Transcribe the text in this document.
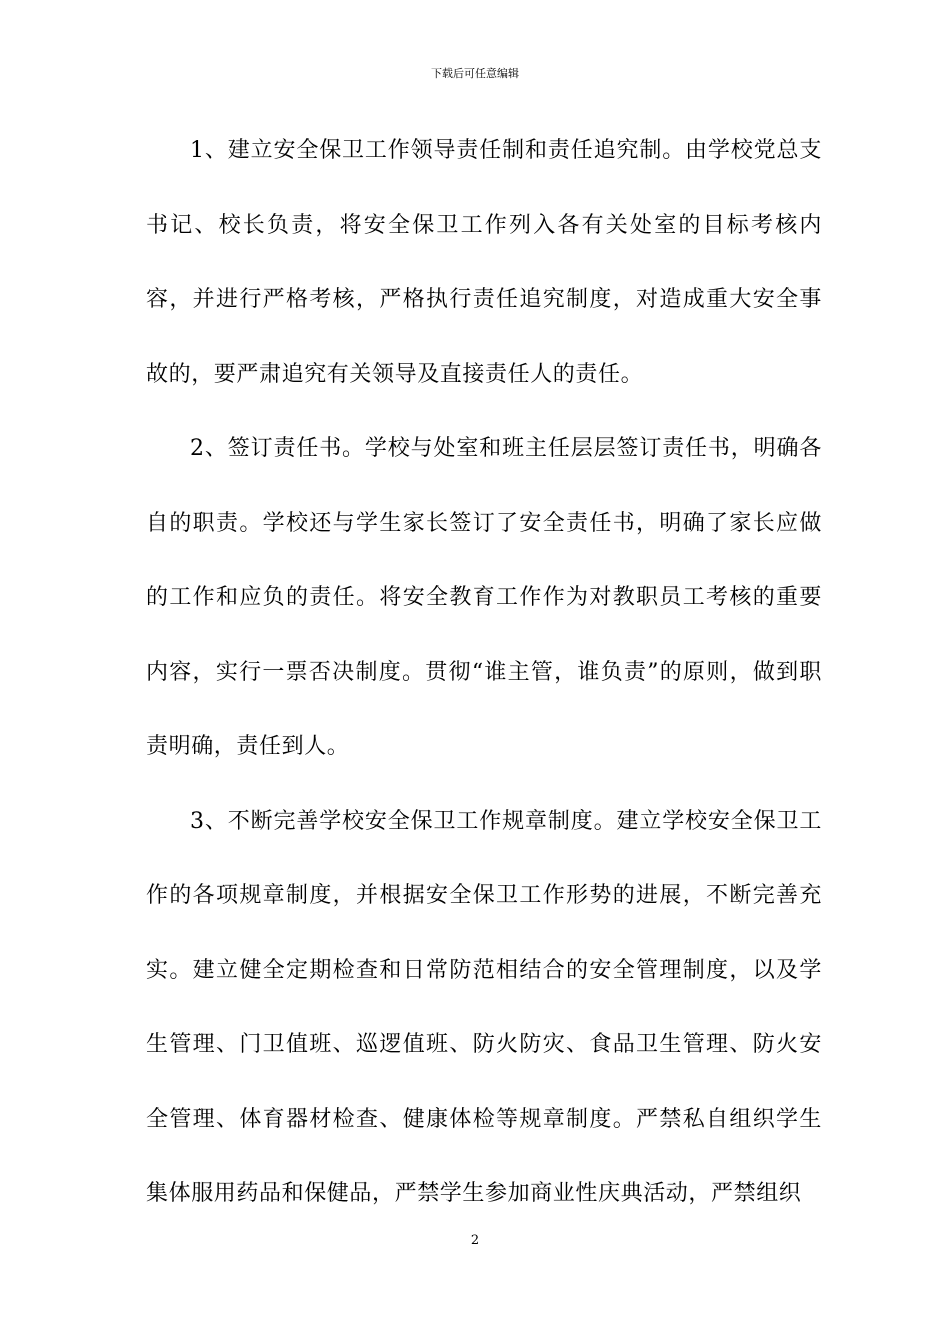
下载后可任意编辑

1、建立安全保卫工作领导责任制和责任追究制。由学校党总支书记、校长负责，将安全保卫工作列入各有关处室的目标考核内容，并进行严格考核，严格执行责任追究制度，对造成重大安全事故的，要严肃追究有关领导及直接责任人的责任。

2、签订责任书。学校与处室和班主任层层签订责任书，明确各自的职责。学校还与学生家长签订了安全责任书，明确了家长应做的工作和应负的责任。将安全教育工作作为对教职员工考核的重要内容，实行一票否决制度。贯彻“谁主管，谁负责”的原则，做到职责明确，责任到人。

3、不断完善学校安全保卫工作规章制度。建立学校安全保卫工作的各项规章制度，并根据安全保卫工作形势的进展，不断完善充实。建立健全定期检查和日常防范相结合的安全管理制度，以及学生管理、门卫值班、巡逻值班、防火防灾、食品卫生管理、防火安全管理、体育器材检查、健康体检等规章制度。严禁私自组织学生集体服用药品和保健品，严禁学生参加商业性庆典活动，严禁组织

2
